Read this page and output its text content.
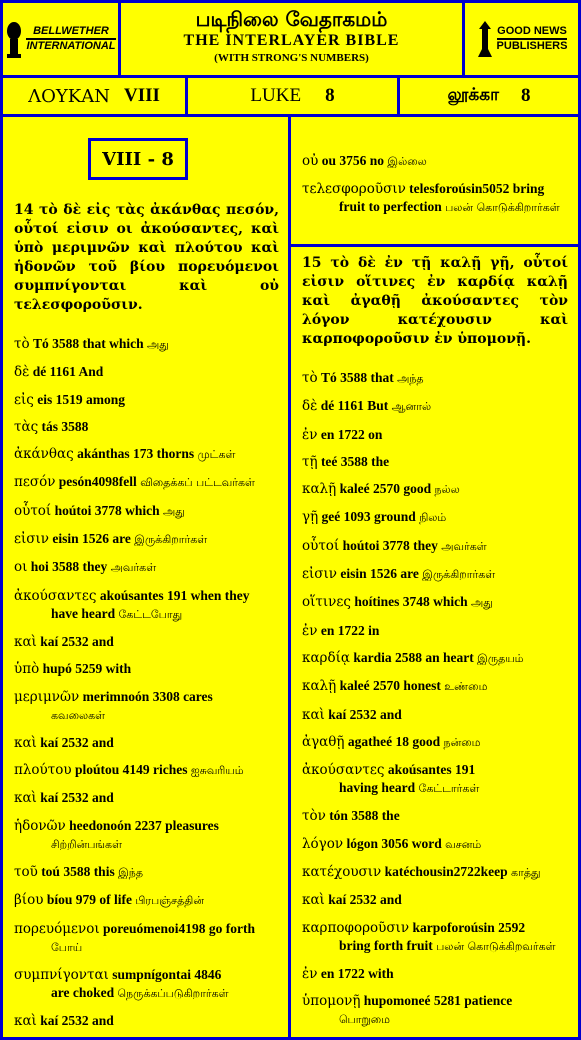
BELLWETHER
INTERNATIONAL
படிநிலை வேதாகமம்
THE INTERLAYER BIBLE
(WITH STRONG'S NUMBERS)
GOOD NEWS
PUBLISHERS
ΛΟΥΚΑΝ VIII	LUKE 8	லூக்கா 8
14 τὸ δὲ εἰς τὰς ἀκάνθας πεσόν, οὗτοί εἰσιν οι ἀκούσαντες, καὶ ὑπὸ μεριμνῶν καὶ πλούτου καὶ ἡδονῶν τοῦ βίου πορευόμενοι συμπνίγονται καὶ οὐ τελεσφοροῦσιν.
τὸ Tó 3588 that which அது
δὲ dé 1161 And
εἰς eis 1519 among
τὰς tás 3588
ἀκάνθας akánthas 173 thorns முட்கள்
πεσόν pesón4098fell விதைக்கப் பட்டவர்கள்
οὗτοί hoútoi 3778 which அது
εἰσιν eisin 1526 are இருக்கிறார்கள்
οι hoi 3588 they அவர்கள்
ἀκούσαντες akoúsantes 191 when they
have heard கேட்டபோது
καὶ kaí 2532 and
ὑπὸ hupó 5259 with
μεριμνῶν merimnoón 3308 cares
கவலைகள்
καὶ kaí 2532 and
πλούτου ploútou 4149 riches ஐசுவரியம்
καὶ kaí 2532 and
ἡδονῶν heedonoón 2237 pleasures
சிற்றின்பங்கள்
τοῦ toú 3588 this இந்த
βίου bíou 979 of life பிரபஞ்சத்தின்
πορευόμενοι poreuómenoi4198 go forth
போய்
συμπνίγονται sumpnígontai 4846
are choked நெருக்கப்படுகிறார்கள்
καὶ kaí 2532 and
VIII - 8	οὐ ou 3756 no இல்லை
τελεσφοροῦσιν telesforoúsin5052 bring
fruit to perfection பலன் கொடுக்கிறார்கள்
15 τὸ δὲ ἐν τῇ καλῇ γῇ, οὗτοί εἰσιν οἵτινες ἐν καρδίᾳ καλῇ καὶ ἀγαθῇ ἀκούσαντες τὸν λόγον κατέχουσιν καὶ καρποφοροῦσιν ἐν ὑπομονῇ.
τὸ Tó 3588 that அந்த
δὲ dé 1161 But ஆனால்
ἐν en 1722 on
τῇ teé 3588 the
καλῇ kaleé 2570 good நல்ல
γῇ geé 1093 ground நிலம்
οὗτοί hoútoi 3778 they அவர்கள்
εἰσιν eisin 1526 are இருக்கிறார்கள்
οἵτινες hoítines 3748 which அது
ἐν en 1722 in
καρδίᾳ kardia 2588 an heart இருதயம்
καλῇ kaleé 2570 honest உண்மை
καὶ kaí 2532 and
ἀγαθῇ agatheé 18 good நன்மை
ἀκούσαντες akoúsantes 191
having heard கேட்டார்கள்
τὸν tón 3588 the
λόγον lógon 3056 word வசனம்
κατέχουσιν katéchousin2722keep காத்து
καὶ kaí 2532 and
καρποφοροῦσιν karpoforoúsin 2592
bring forth fruit பலன் கொடுக்கிறவர்கள்
ἐν en 1722 with
ὑπομονῇ hupomoneé 5281 patience
பொறுமை
